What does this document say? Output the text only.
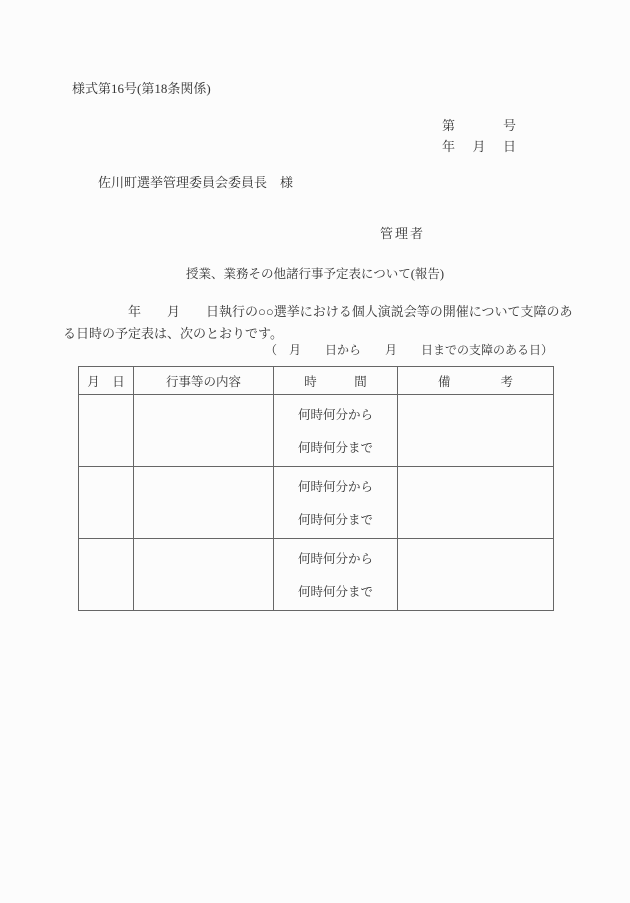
様式第16号(第18条関係)
第	号
年 月 日
佐川町選挙管理委員会委員長　様
管理者
授業、業務その他諸行事予定表について(報告)
　　　　　年　　月　　日執行の○○選挙における個人演説会等の開催について支障のあ
る日時の予定表は、次のとおりです。
（　月　　日から　　月　　日までの支障のある日）
月　日	行事等の内容	時　　　間	備　　　　考

		何時何分から
何時何分まで	

		何時何分から
何時何分まで	

		何時何分から
何時何分まで	
